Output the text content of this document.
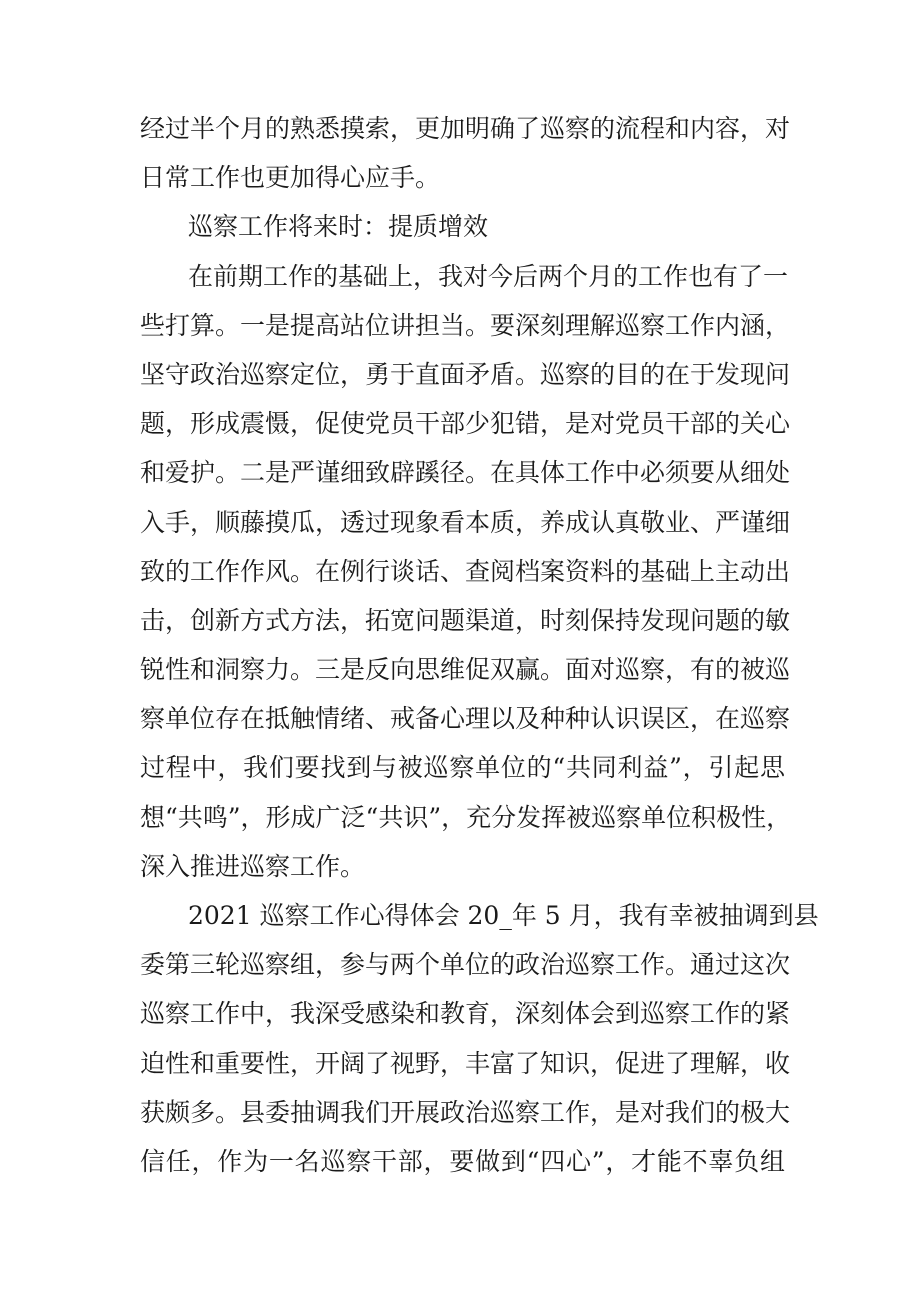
经过半个月的熟悉摸索，更加明确了巡察的流程和内容，对
日常工作也更加得心应手。
巡察工作将来时：提质增效
在前期工作的基础上，我对今后两个月的工作也有了一
些打算。一是提高站位讲担当。要深刻理解巡察工作内涵，
坚守政治巡察定位，勇于直面矛盾。巡察的目的在于发现问
题，形成震慑，促使党员干部少犯错，是对党员干部的关心
和爱护。二是严谨细致辟蹊径。在具体工作中必须要从细处
入手，顺藤摸瓜，透过现象看本质，养成认真敬业、严谨细
致的工作作风。在例行谈话、查阅档案资料的基础上主动出
击，创新方式方法，拓宽问题渠道，时刻保持发现问题的敏
锐性和洞察力。三是反向思维促双赢。面对巡察，有的被巡
察单位存在抵触情绪、戒备心理以及种种认识误区，在巡察
过程中，我们要找到与被巡察单位的“共同利益”，引起思
想“共鸣”，形成广泛“共识”，充分发挥被巡察单位积极性，
深入推进巡察工作。
2021 巡察工作心得体会 20_年 5 月，我有幸被抽调到县
委第三轮巡察组，参与两个单位的政治巡察工作。通过这次
巡察工作中，我深受感染和教育，深刻体会到巡察工作的紧
迫性和重要性，开阔了视野，丰富了知识，促进了理解，收
获颇多。县委抽调我们开展政治巡察工作，是对我们的极大
信任，作为一名巡察干部，要做到“四心”，才能不辜负组
